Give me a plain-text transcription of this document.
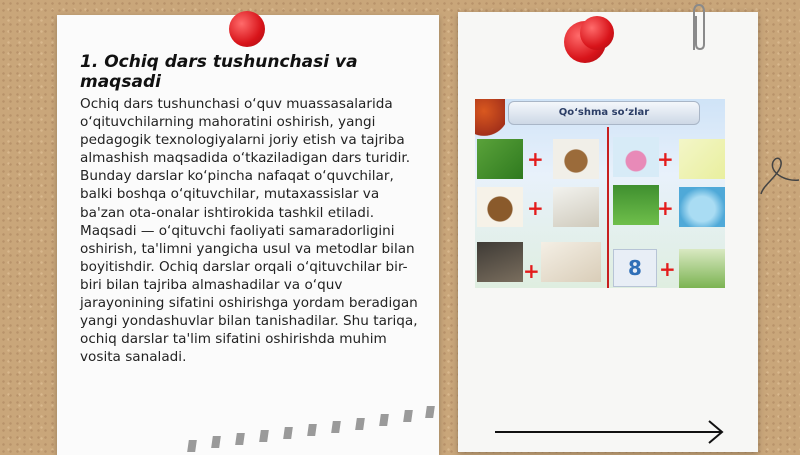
1. Ochiq dars tushunchasi va maqsadi

Ochiq dars tushunchasi o‘quv muassasalarida o‘qituvchilarning mahoratini oshirish, yangi pedagogik texnologiyalarni joriy etish va tajriba almashish maqsadida o‘tkaziladigan dars turidir. Bunday darslar ko‘pincha nafaqat o‘quvchilar, balki boshqa o‘qituvchilar, mutaxassislar va ba'zan ota-onalar ishtirokida tashkil etiladi. Maqsadi — o‘qituvchi faoliyati samaradorligini oshirish, ta'limni yangicha usul va metodlar bilan boyitishdir. Ochiq darslar orqali o‘qituvchilar bir-biri bilan tajriba almashadilar va o‘quv jarayonining sifatini oshirishga yordam beradigan yangi yondashuvlar bilan tanishadilar. Shu tariqa, ochiq darslar ta'lim sifatini oshirishda muhim vosita sanaladi.

Qo‘shma so‘zlar
+	+
+	+
+	8 +
